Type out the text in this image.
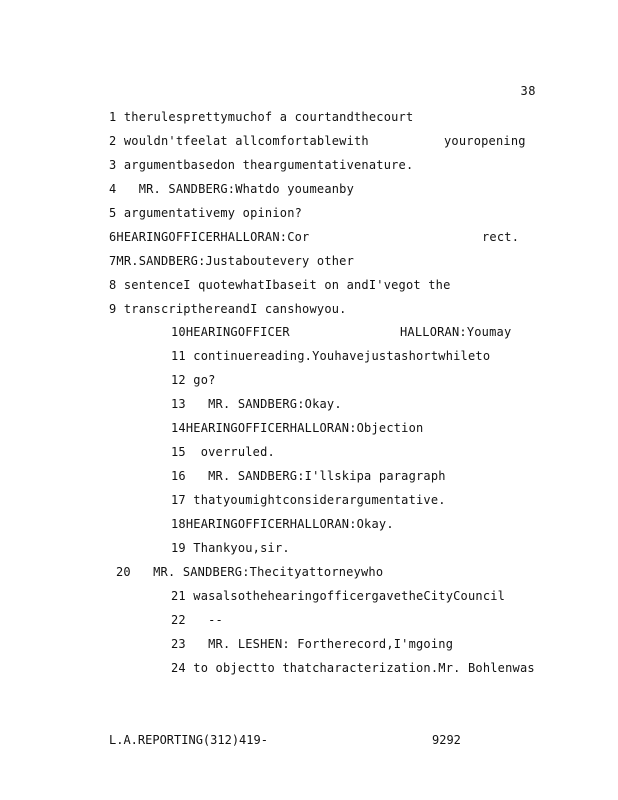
38

1 therulesprettymuchof a courtandthecourt

2 wouldn'tfeelat allcomfortablewith

	youropening

3 argumentbasedon theargumentativenature.

4   MR. SANDBERG:Whatdo youmeanby

5 argumentativemy opinion?

6HEARINGOFFICERHALLORAN:Cor

	rect.

7MR.SANDBERG:Justaboutevery other

8 sentenceI quotewhatIbaseit on andI'vegot the

9 transcripthereandI canshowyou.

10HEARINGOFFICER

	HALLORAN:Youmay

11 continuereading.Youhavejustashortwhileto

12 go?

13   MR. SANDBERG:Okay.

14HEARINGOFFICERHALLORAN:Objection

15  overruled.

16   MR. SANDBERG:I'llskipa paragraph

17 thatyoumightconsiderargumentative.

18HEARINGOFFICERHALLORAN:Okay.

19 Thankyou,sir.

20   MR. SANDBERG:Thecityattorneywho

21 wasalsothehearingofficergavetheCityCouncil

22   --

23   MR. LESHEN: Fortherecord,I'mgoing

24 to objectto thatcharacterization.Mr. Bohlenwas

L.A.REPORTING(312)419-	9292
